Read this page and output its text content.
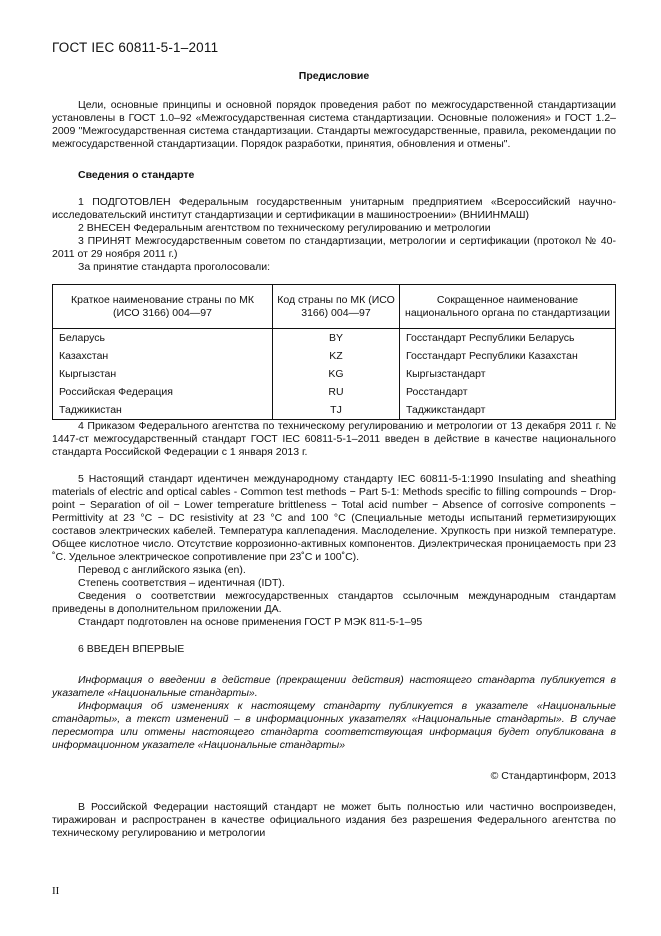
ГОСТ IEC 60811-5-1–2011

Предисловие

Цели, основные принципы и основной порядок проведения работ по межгосударственной стандартизации установлены в ГОСТ 1.0–92 «Межгосударственная система стандартизации. Основные положения» и ГОСТ 1.2–2009 "Межгосударственная система стандартизации. Стандарты межгосударственные, правила, рекомендации по межгосударственной стандартизации. Порядок разработки, принятия, обновления и отмены".

Сведения о стандарте

1 ПОДГОТОВЛЕН Федеральным государственным унитарным предприятием «Всероссийский научно-исследовательский институт стандартизации и сертификации в машиностроении» (ВНИИНМАШ)

2 ВНЕСЕН Федеральным агентством по техническому регулированию и метрологии

3 ПРИНЯТ Межгосударственным советом по стандартизации, метрологии и сертификации (протокол № 40-2011 от 29 ноября 2011 г.)

За принятие стандарта проголосовали:

Краткое наименование страны по МК (ИСО 3166) 004—97	Код страны по МК (ИСО 3166) 004—97	Сокращенное наименование национального органа по стандартизации
Беларусь	BY	Госстандарт Республики Беларусь
Казахстан	KZ	Госстандарт Республики Казахстан
Кыргызстан	KG	Кыргызстандарт
Российская Федерация	RU	Росстандарт
Таджикистан	TJ	Таджикстандарт

4 Приказом Федерального агентства по техническому регулированию и метрологии от 13 декабря 2011 г. № 1447-ст межгосударственный стандарт ГОСТ IEC 60811-5-1–2011 введен в действие в качестве национального стандарта Российской Федерации с 1 января 2013 г.

5 Настоящий стандарт идентичен международному стандарту IEC 60811-5-1:1990 Insulating and sheathing materials of electric and optical cables - Common test methods − Part 5-1: Methods specific to filling compounds − Drop-point − Separation of oil − Lower temperature brittleness − Total acid number − Absence of corrosive components − Permittivity at 23 °C − DC resistivity at 23 °C and 100 °C (Специальные методы испытаний герметизирующих составов электрических кабелей. Температура каплепадения. Маслоделение. Хрупкость при низкой температуре. Общее кислотное число. Отсутствие коррозионно-активных компонентов. Диэлектрическая проницаемость при 23 ˚С. Удельное электрическое сопротивление при 23˚С и 100˚С).

Перевод с английского языка (en).

Степень соответствия – идентичная (IDT).

Сведения о соответствии межгосударственных стандартов ссылочным международным стандартам приведены в дополнительном приложении ДА.

Стандарт подготовлен на основе применения ГОСТ Р МЭК 811-5-1–95

6 ВВЕДЕН ВПЕРВЫЕ

Информация о введении в действие (прекращении действия) настоящего стандарта публикуется в указателе «Национальные стандарты».

Информация об изменениях к настоящему стандарту публикуется в указателе «Национальные стандарты», а текст изменений – в информационных указателях «Национальные стандарты». В случае пересмотра или отмены настоящего стандарта соответствующая информация будет опубликована в информационном указателе «Национальные стандарты»

© Стандартинформ, 2013

В Российской Федерации настоящий стандарт не может быть полностью или частично воспроизведен, тиражирован и распространен в качестве официального издания без разрешения Федерального агентства по техническому регулированию и метрологии

II
